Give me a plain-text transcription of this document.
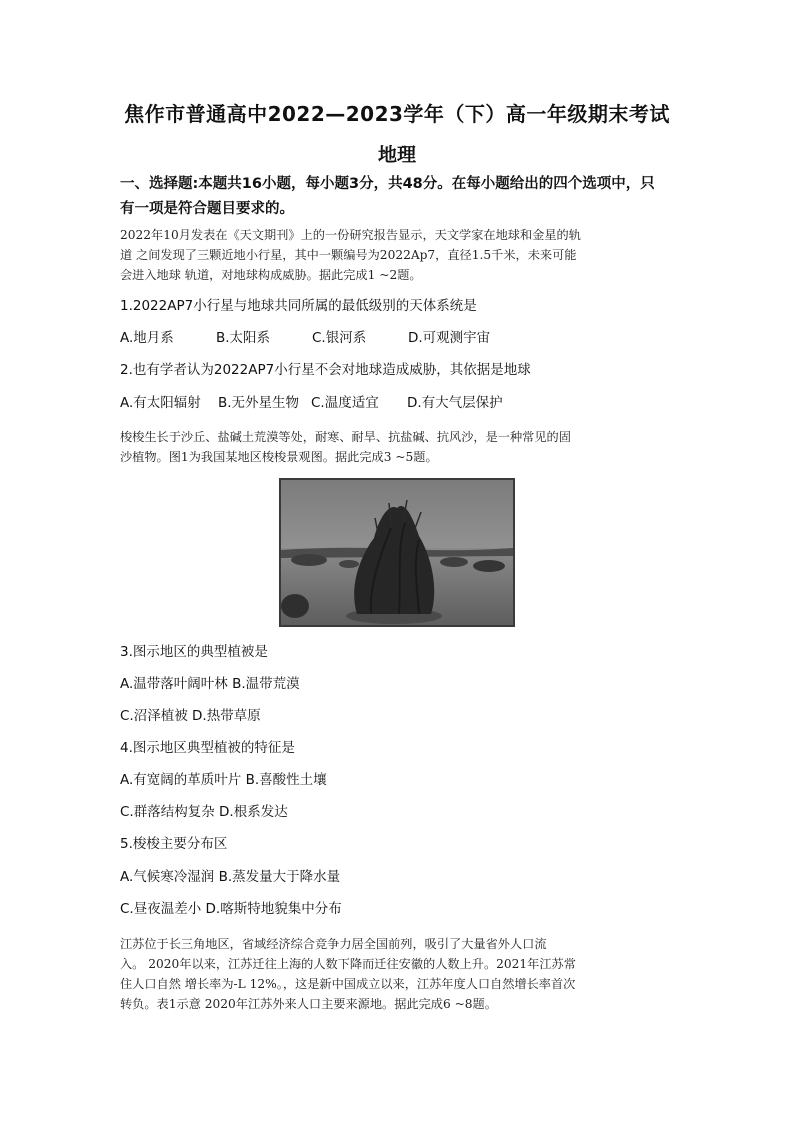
焦作市普通高中2022—2023学年（下）高一年级期末考试
地理
一、选择题:本题共16小题，每小题3分，共48分。在每小题给出的四个选项中，只
有一项是符合题目要求的。
2022年10月发表在《天文期刊》上的一份研究报告显示，天文学家在地球和金星的轨
道 之间发现了三颗近地小行星，其中一颗编号为2022Ap7，直径1.5千米，未来可能
会进入地球 轨道，对地球构成威胁。据此完成1 ~2题。
1.2022AP7小行星与地球共同所属的最低级别的天体系统是
A.地月系	B.太阳系	C.银河系	D.可观测宇宙
2.也有学者认为2022AP7小行星不会对地球造成威胁，其依据是地球
A.有太阳辐射	B.无外星生物 C.温度适宜	D.有大气层保护
梭梭生长于沙丘、盐碱土荒漠等处，耐寒、耐旱、抗盐碱、抗风沙，是一种常见的固
沙植物。图1为我国某地区梭梭景观图。据此完成3 ~5题。
3.图示地区的典型植被是
A.温带落叶阔叶林 B.温带荒漠
C.沼泽植被 D.热带草原
4.图示地区典型植被的特征是
A.有宽阔的革质叶片 B.喜酸性土壤
C.群落结构复杂 D.根系发达
5.梭梭主要分布区
A.气候寒冷湿润 B.蒸发量大于降水量
C.昼夜温差小 D.喀斯特地貌集中分布
江苏位于长三角地区，省域经济综合竞争力居全国前列，吸引了大量省外人口流
入。 2020年以来，江苏迁往上海的人数下降而迁往安徽的人数上升。2021年江苏常
住人口自然 增长率为-L 12%。，这是新中国成立以来，江苏年度人口自然增长率首次
转负。表1示意 2020年江苏外来人口主要来源地。据此完成6 ~8题。
